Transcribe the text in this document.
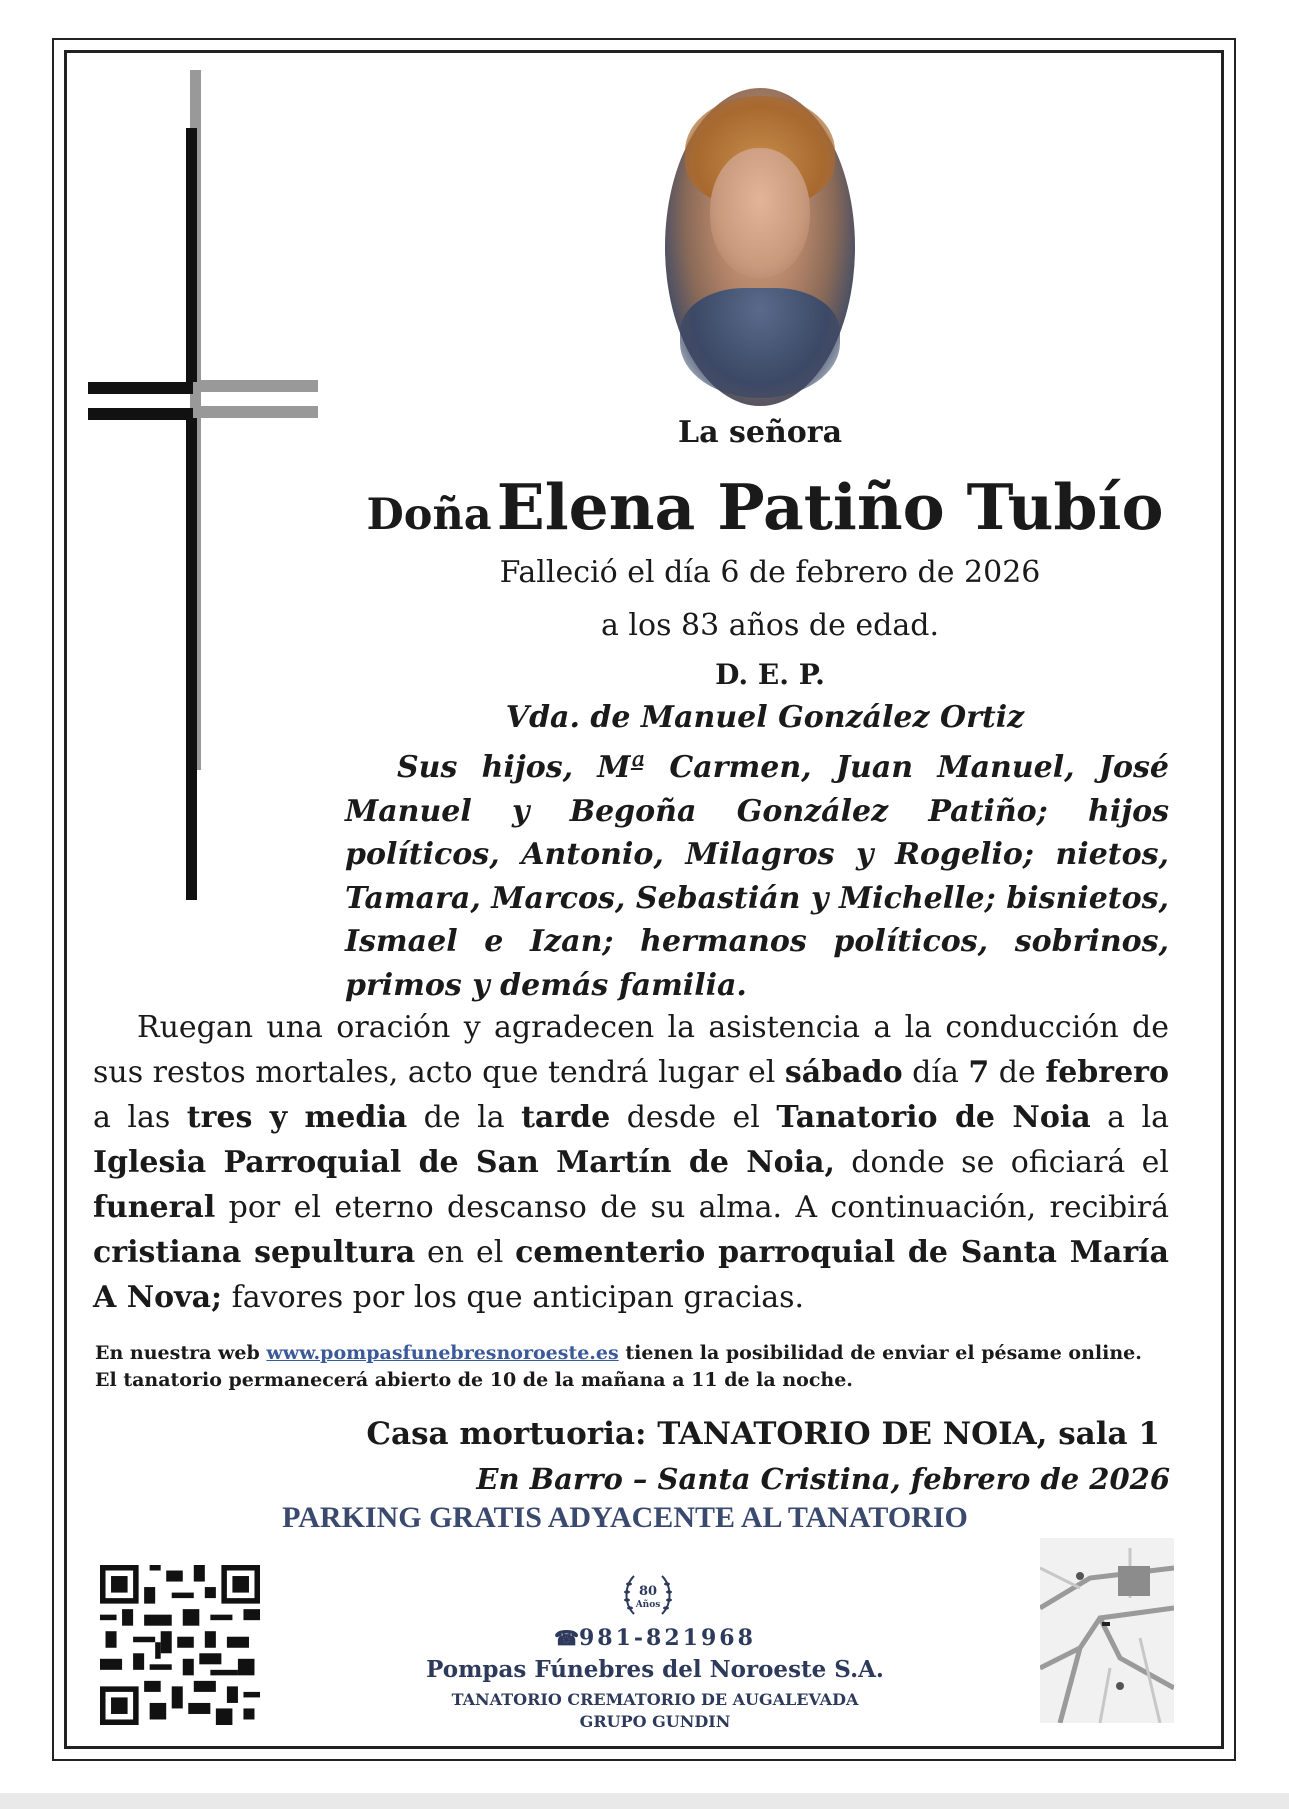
La señora

Doña Elena Patiño Tubío

Falleció el día 6 de febrero de 2026

a los 83 años de edad.

D. E. P.

Vda. de Manuel González Ortiz

Sus hijos, Mª Carmen, Juan Manuel, José Manuel y Begoña González Patiño; hijos políticos, Antonio, Milagros y Rogelio; nietos, Tamara, Marcos, Sebastián y Michelle; bisnietos, Ismael e Izan; hermanos políticos, sobrinos, primos y demás familia.

Ruegan una oración y agradecen la asistencia a la conducción de sus restos mortales, acto que tendrá lugar el sábado día 7 de febrero a las tres y media de la tarde desde el Tanatorio de Noia a la Iglesia Parroquial de San Martín de Noia, donde se oficiará el funeral por el eterno descanso de su alma. A continuación, recibirá cristiana sepultura en el cementerio parroquial de Santa María A Nova; favores por los que anticipan gracias.

En nuestra web www.pompasfunebresnoroeste.es tienen la posibilidad de enviar el pésame online.

El tanatorio permanecerá abierto de 10 de la mañana a 11 de la noche.

Casa mortuoria: TANATORIO DE NOIA, sala 1

En Barro – Santa Cristina, febrero de 2026

PARKING GRATIS ADYACENTE AL TANATORIO

80
Años

☎981-821968

Pompas Fúnebres del Noroeste S.A.

TANATORIO CREMATORIO DE AUGALEVADA

GRUPO GUNDIN
